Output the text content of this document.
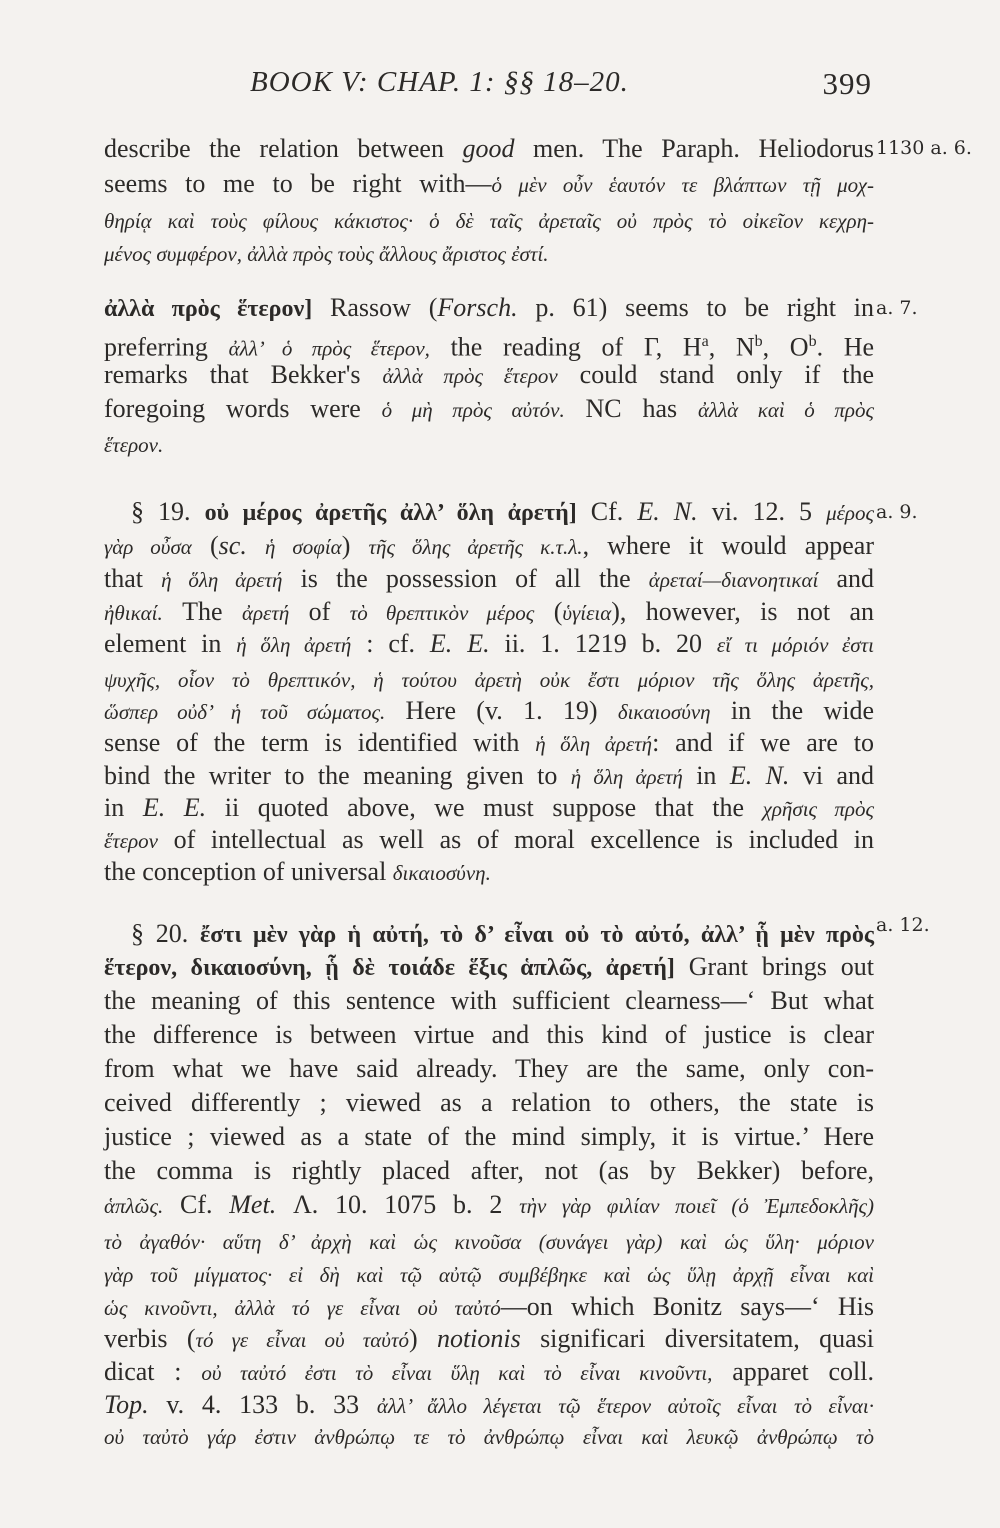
BOOK V: CHAP. 1: §§ 18–20.	399
1130 a. 6.
a. 7.
a. 9.
a. 12.
describe the relation between good men. The Paraph. Heliodorus
seems to me to be right with—ὁ μὲν οὖν ἑαυτόν τε βλάπτων τῇ μοχ-
θηρίᾳ καὶ τοὺς φίλους κάκιστος· ὁ δὲ ταῖς ἀρεταῖς οὐ πρὸς τὸ οἰκεῖον κεχρη-
μένος συμφέρον, ἀλλὰ πρὸς τοὺς ἄλλους ἄριστος ἐστί.
ἀλλὰ πρὸς ἕτερον] Rassow (Forsch. p. 61) seems to be right in
preferring ἀλλ’ ὁ πρὸς ἕτερον, the reading of Γ, $H^a$, $N^b$, $O^b$. He
remarks that Bekker's ἀλλὰ πρὸς ἕτερον could stand only if the
foregoing words were ὁ μὴ πρὸς αὐτόν. NC has ἀλλὰ καὶ ὁ πρὸς
ἕτερον.
§ 19. οὐ μέρος ἀρετῆς ἀλλ’ ὅλη ἀρετή] Cf. E. N. vi. 12. 5 μέρος
γὰρ οὖσα (sc. ἡ σοφία) τῆς ὅλης ἀρετῆς κ.τ.λ., where it would appear
that ἡ ὅλη ἀρετή is the possession of all the ἀρεταί—διανοητικαί and
ἠθικαί. The ἀρετή of τὸ θρεπτικὸν μέρος (ὑγίεια), however, is not an
element in ἡ ὅλη ἀρετή : cf. E. E. ii. 1. 1219 b. 20 εἴ τι μόριόν ἐστι
ψυχῆς, οἷον τὸ θρεπτικόν, ἡ τούτου ἀρετὴ οὐκ ἔστι μόριον τῆς ὅλης ἀρετῆς,
ὥσπερ οὐδ’ ἡ τοῦ σώματος. Here (v. 1. 19) δικαιοσύνη in the wide
sense of the term is identified with ἡ ὅλη ἀρετή: and if we are to
bind the writer to the meaning given to ἡ ὅλη ἀρετή in E. N. vi and
in E. E. ii quoted above, we must suppose that the χρῆσις πρὸς
ἕτερον of intellectual as well as of moral excellence is included in
the conception of universal δικαιοσύνη.
§ 20. ἔστι μὲν γὰρ ἡ αὐτή, τὸ δ’ εἶναι οὐ τὸ αὐτό, ἀλλ’ ᾗ μὲν πρὸς
ἕτερον, δικαιοσύνη, ᾗ δὲ τοιάδε ἕξις ἁπλῶς, ἀρετή] Grant brings out
the meaning of this sentence with sufficient clearness—‘ But what
the difference is between virtue and this kind of justice is clear
from what we have said already. They are the same, only con-
ceived differently ; viewed as a relation to others, the state is
justice ; viewed as a state of the mind simply, it is virtue.’ Here
the comma is rightly placed after, not (as by Bekker) before,
ἁπλῶς. Cf. Met. Λ. 10. 1075 b. 2 τὴν γὰρ φιλίαν ποιεῖ (ὁ Ἐμπεδοκλῆς)
τὸ ἀγαθόν· αὕτη δ’ ἀρχὴ καὶ ὡς κινοῦσα (συνάγει γὰρ) καὶ ὡς ὕλη· μόριον
γὰρ τοῦ μίγματος· εἰ δὴ καὶ τῷ αὐτῷ συμβέβηκε καὶ ὡς ὕλῃ ἀρχῇ εἶναι καὶ
ὡς κινοῦντι, ἀλλὰ τό γε εἶναι οὐ ταὐτό—on which Bonitz says—‘ His
verbis (τό γε εἶναι οὐ ταὐτό) notionis significari diversitatem, quasi
dicat : οὐ ταὐτό ἐστι τὸ εἶναι ὕλῃ καὶ τὸ εἶναι κινοῦντι, apparet coll.
Top. v. 4. 133 b. 33 ἀλλ’ ἄλλο λέγεται τῷ ἕτερον αὐτοῖς εἶναι τὸ εἶναι·
οὐ ταὐτὸ γάρ ἐστιν ἀνθρώπῳ τε τὸ ἀνθρώπῳ εἶναι καὶ λευκῷ ἀνθρώπῳ τὸ
